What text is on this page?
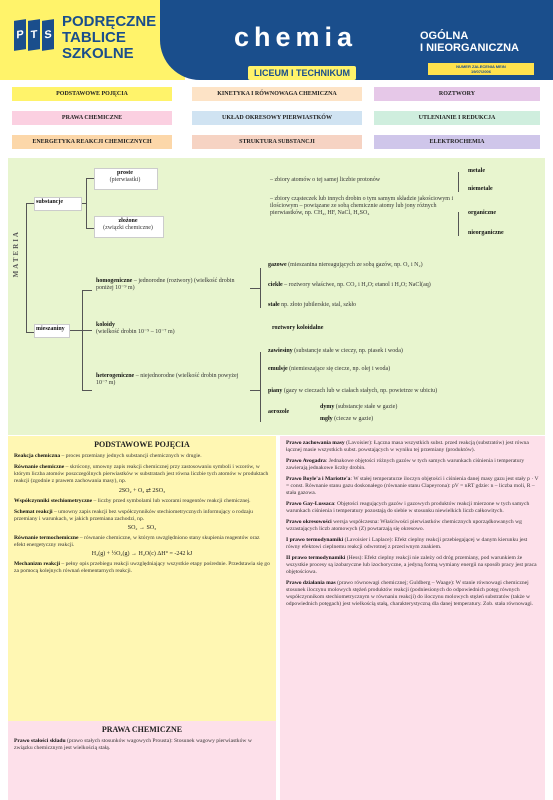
P T S
PODRĘCZNE
TABLICE
SZKOLNE
chemia	OGÓLNA
I NIEORGANICZNA
LICEUM I TECHNIKUM
NUMER ZALECENIA MEiN
19/07/2006
PODSTAWOWE POJĘCIA	KINETYKA I RÓWNOWAGA CHEMICZNA	ROZTWORY
PRAWA CHEMICZNE	UKŁAD OKRESOWY PIERWIASTKÓW	UTLENIANIE I REDUKCJA
ENERGETYKA REAKCJI CHEMICZNYCH	STRUKTURA SUBSTANCJI	ELEKTROCHEMIA
MATERIA
substancje
proste
(pierwiastki)	– zbiory atomów o tej samej liczbie protonów
metale
niemetale
złożone
(związki chemiczne)
– zbiory cząsteczek lub innych drobin o tym samym składzie jakościowym i ilościowym – powiązane ze sobą chemicznie atomy lub jony różnych pierwiastków, np. CH₄, HF, NaCl, H₂SO₄	organiczne
nieorganiczne
mieszaniny
homogeniczne – jednorodne (roztwory) (wielkość drobin poniżej 10⁻⁹ m)
gazowe (mieszanina niereagujących ze sobą gazów, np. O₂ i N₂)
ciekłe – roztwory właściwe, np. CO₂ i H₂O; etanol i H₂O; NaCl(aq)
stałe np. złoto jubilerskie, stal, szkło
koloidy
(wielkość drobin 10⁻⁹ – 10⁻⁷ m)
roztwory koloidalne
heterogeniczne – niejednorodne (wielkość drobin powyżej 10⁻⁷ m)
zawiesiny (substancje stałe w cieczy, np. piasek i woda)
emulsje (niemieszające się ciecze, np. olej i woda)
piany (gazy w cieczach lub w ciałach stałych, np. powietrze w ubiciu)
aerozole
dymy (substancje stałe w gazie)
mgły (ciecze w gazie)
PODSTAWOWE POJĘCIA
Reakcja chemiczna – proces przemiany jednych substancji chemicznych w drugie.
Równanie chemiczne – skrócony, umowny zapis reakcji chemicznej przy zastosowaniu symboli i wzorów, w którym liczba atomów poszczególnych pierwiastków w substratach jest równa liczbie tych atomów w produktach reakcji (zgodnie z prawem zachowania masy), np.
2SO₂ + O₂ ⇄ 2SO₃
Współczynniki stechiometryczne – liczby przed symbolami lub wzorami reagentów reakcji chemicznej.
Schemat reakcji – umowny zapis reakcji bez współczynników stechiometrycznych informujący o rodzaju przemiany i warunkach, w jakich przemiana zachodzi, np.
SO₂ → SO₃
Równanie termochemiczne – równanie chemiczne, w którym uwzględniono stany skupienia reagentów oraz efekt energetyczny reakcji.
H₂(g) + ½O₂(g) → H₂O(c) ΔH° = -242 kJ
Mechanizm reakcji – pełny opis przebiegu reakcji uwzględniający wszystkie etapy pośrednie. Przedstawia się go za pomocą kolejnych równań elementarnych reakcji.
PRAWA CHEMICZNE
Prawo stałości składu (prawo stałych stosunków wagowych Prousta): Stosunek wagowy pierwiastków w związku chemicznym jest wielkością stałą.
Prawo zachowania masy (Lavoisier): Łączna masa wszystkich subst. przed reakcją (substratów) jest równa łącznej masie wszystkich subst. powstających w wyniku tej przemiany (produktów).
Prawo Avogadra: Jednakowe objętości różnych gazów w tych samych warunkach ciśnienia i temperatury zawierają jednakowe liczby drobin.
Prawo Boyle'a i Mariotte'a: W stałej temperaturze iloczyn objętości i ciśnienia danej masy gazu jest stały p · V = const. Równanie stanu gazu doskonałego (równanie stanu Clapeyrona): pV = nRT gdzie: n – liczba moli, R – stała gazowa.
Prawo Gay-Lussaca: Objętości reagujących gazów i gazowych produktów reakcji mierzone w tych samych warunkach ciśnienia i temperatury pozostają do siebie w stosunku niewielkich liczb całkowitych.
Prawo okresowości wersja współczesna: Właściwości pierwiastków chemicznych uporządkowanych wg wzrastających liczb atomowych (Z) powtarzają się okresowo.
I prawo termodynamiki (Lavoisier i Laplace): Efekt cieplny reakcji przebiegającej w danym kierunku jest równy efektowi cieplnemu reakcji odwrotnej z przeciwnym znakiem.
II prawo termodynamiki (Hess): Efekt cieplny reakcji nie zależy od dróg przemiany, pod warunkiem że wszystkie procesy są izobaryczne lub izochoryczne, a jedyną formą wymiany energii na sposób pracy jest praca objętościowa.
Prawo działania mas (prawo równowagi chemicznej; Guldberg – Waage): W stanie równowagi chemicznej stosunek iloczynu molowych stężeń produktów reakcji (podniesionych do odpowiednich potęg równych współczynnikom stechiometrycznym w równaniu reakcji) do iloczynu molowych stężeń substratów (także w odpowiednich potęgach) jest wielkością stałą, charakterystyczną dla danej temperatury. Zob. stała równowagi.
